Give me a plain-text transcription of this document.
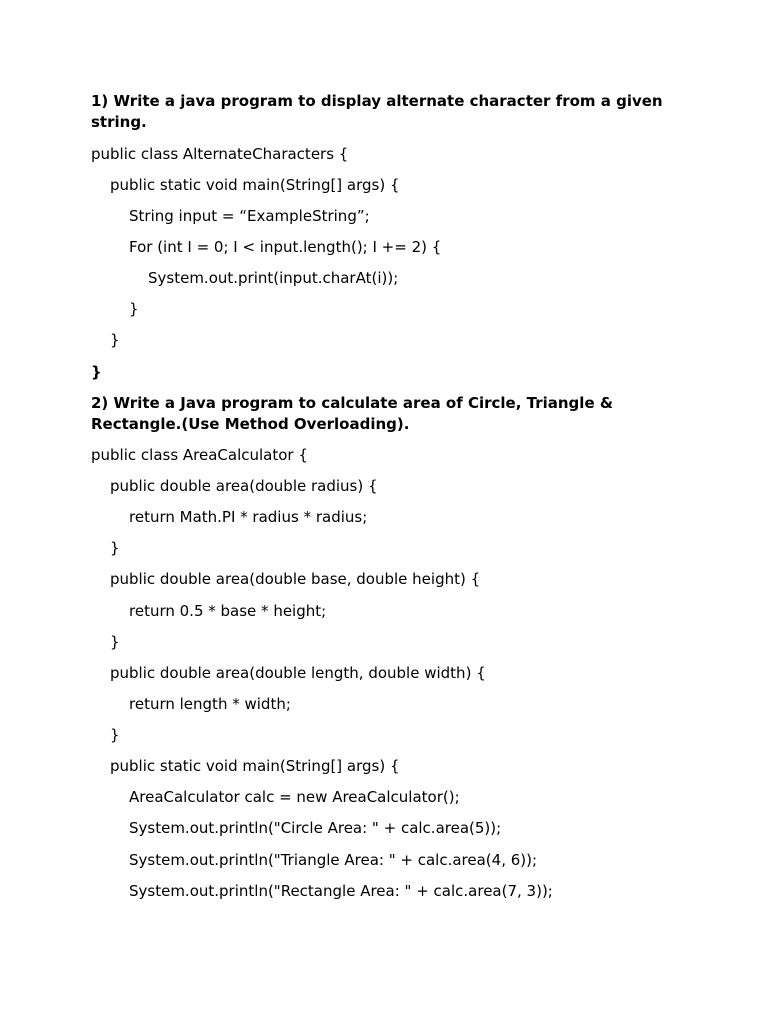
1) Write a java program to display alternate character from a given string.
public class AlternateCharacters {
public static void main(String[] args) {
String input = “ExampleString”;
For (int I = 0; I < input.length(); I += 2) {
System.out.print(input.charAt(i));
}
}
}
2) Write a Java program to calculate area of Circle, Triangle & Rectangle.(Use Method Overloading).
public class AreaCalculator {
public double area(double radius) {
return Math.PI * radius * radius;
}
public double area(double base, double height) {
return 0.5 * base * height;
}
public double area(double length, double width) {
return length * width;
}
public static void main(String[] args) {
AreaCalculator calc = new AreaCalculator();
System.out.println("Circle Area: " + calc.area(5));
System.out.println("Triangle Area: " + calc.area(4, 6));
System.out.println("Rectangle Area: " + calc.area(7, 3));
